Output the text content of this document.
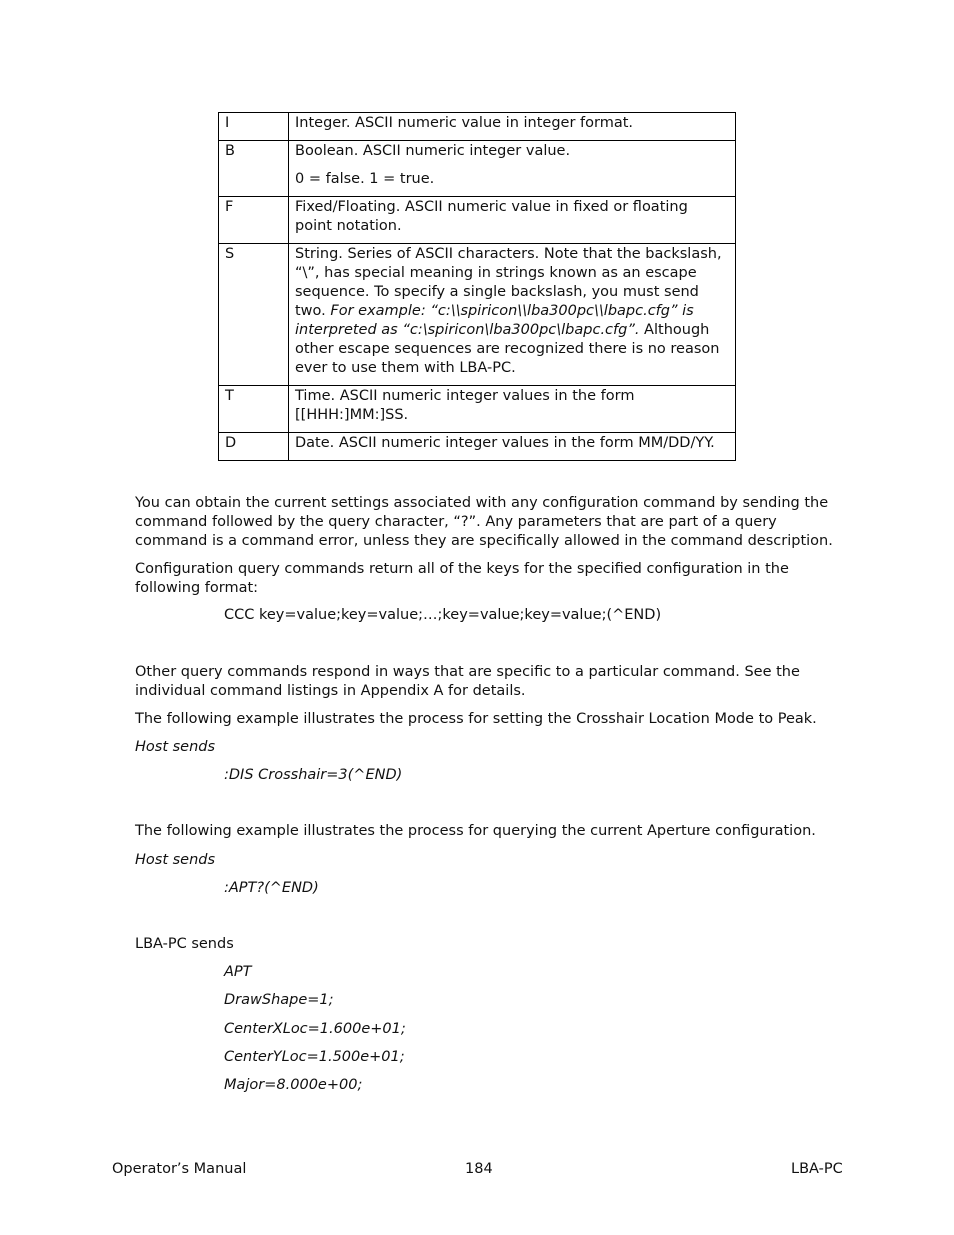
I	Integer. ASCII numeric value in integer format.

B	Boolean. ASCII numeric integer value.

0 = false. 1 = true.

F	Fixed/Floating. ASCII numeric value in fixed or floating point notation.

S	String. Series of ASCII characters. Note that the backslash, “\”, has special meaning in strings known as an escape sequence. To specify a single backslash, you must send two. For example: “c:\\spiricon\\lba300pc\\lbapc.cfg” is interpreted as “c:\spiricon\lba300pc\lbapc.cfg”. Although other escape sequences are recognized there is no reason ever to use them with LBA-PC.

T	Time. ASCII numeric integer values in the form [[HHH:]MM:]SS.

D	Date. ASCII numeric integer values in the form MM/DD/YY.

You can obtain the current settings associated with any configuration command by sending the command followed by the query character, “?”. Any parameters that are part of a query command is a command error, unless they are specifically allowed in the command description.

Configuration query commands return all of the keys for the specified configuration in the following format:

CCC key=value;key=value;…;key=value;key=value;(^END)

Other query commands respond in ways that are specific to a particular command. See the individual command listings in Appendix A for details.

The following example illustrates the process for setting the Crosshair Location Mode to Peak.

Host sends
:DIS Crosshair=3(^END)

The following example illustrates the process for querying the current Aperture configuration.

Host sends
:APT?(^END)
LBA-PC sends
APT
DrawShape=1;
CenterXLoc=1.600e+01;
CenterYLoc=1.500e+01;
Major=8.000e+00;
Operator’s Manual	184	LBA-PC
